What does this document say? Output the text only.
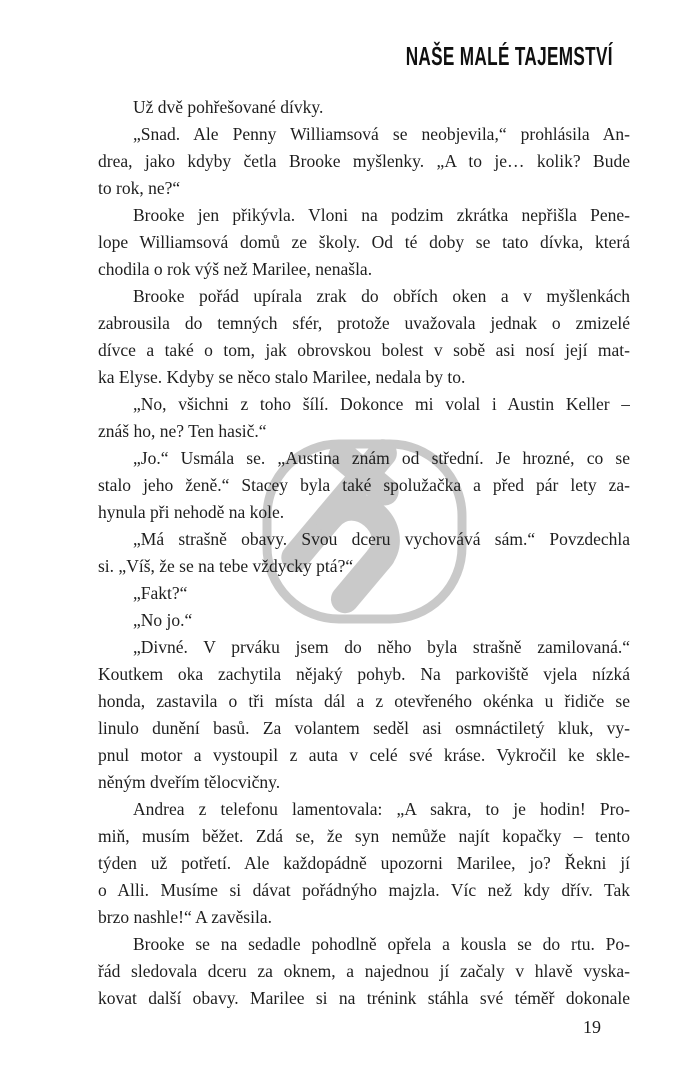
NAŠE MALÉ TAJEMSTVÍ
Už dvě pohřešované dívky.
„Snad. Ale Penny Williamsová se neobjevila,“ prohlásila An-
drea, jako kdyby četla Brooke myšlenky. „A to je… kolik? Bude
to rok, ne?“
Brooke jen přikývla. Vloni na podzim zkrátka nepřišla Pene-
lope Williamsová domů ze školy. Od té doby se tato dívka, která
chodila o rok výš než Marilee, nenašla.
Brooke pořád upírala zrak do obřích oken a v myšlenkách
zabrousila do temných sfér, protože uvažovala jednak o zmizelé
dívce a také o tom, jak obrovskou bolest v sobě asi nosí její mat-
ka Elyse. Kdyby se něco stalo Marilee, nedala by to.
„No, všichni z toho šílí. Dokonce mi volal i Austin Keller –
znáš ho, ne? Ten hasič.“
„Jo.“ Usmála se. „Austina znám od střední. Je hrozné, co se
stalo jeho ženě.“ Stacey byla také spolužačka a před pár lety za-
hynula při nehodě na kole.
„Má strašně obavy. Svou dceru vychovává sám.“ Povzdechla
si. „Víš, že se na tebe vždycky ptá?“
„Fakt?“
„No jo.“
„Divné. V prváku jsem do něho byla strašně zamilovaná.“
Koutkem oka zachytila nějaký pohyb. Na parkoviště vjela nízká
honda, zastavila o tři místa dál a z otevřeného okénka u řidiče se
linulo dunění basů. Za volantem seděl asi osmnáctiletý kluk, vy-
pnul motor a vystoupil z auta v celé své kráse. Vykročil ke skle-
něným dveřím tělocvičny.
Andrea z telefonu lamentovala: „A sakra, to je hodin! Pro-
miň, musím běžet. Zdá se, že syn nemůže najít kopačky – tento
týden už potřetí. Ale každopádně upozorni Marilee, jo? Řekni jí
o Alli. Musíme si dávat pořádnýho majzla. Víc než kdy dřív. Tak
brzo nashle!“ A zavěsila.
Brooke se na sedadle pohodlně opřela a kousla se do rtu. Po-
řád sledovala dceru za oknem, a najednou jí začaly v hlavě vyska-
kovat další obavy. Marilee si na trénink stáhla své téměř dokonale
19
